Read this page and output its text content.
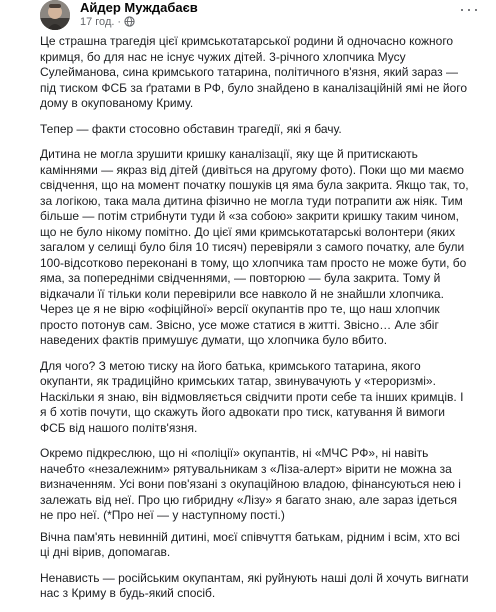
Айдер Муждабаєв
17 год. ·
···

Це страшна трагедія цієї кримськотатарської родини й одночасно кожного кримця, бо для нас не існує чужих дітей. 3-річного хлопчика Мусу Сулейманова, сина кримського татарина, політичного в'язня, який зараз — під тиском ФСБ за ґратами в РФ, було знайдено в каналізаційній ямі не його дому в окупованому Криму.

Тепер — факти стосовно обставин трагедії, які я бачу.

Дитина не могла зрушити кришку каналізації, яку ще й притискають каміннями — якраз від дітей (дивіться на другому фото). Поки що ми маємо свідчення, що на момент початку пошуків ця яма була закрита. Якщо так, то, за логікою, така мала дитина фізично не могла туди потрапити аж ніяк. Тим більше — потім стрибнути туди й «за собою» закрити кришку таким чином, що не було нікому помітно. До цієї ями кримськотатарські волонтери (яких загалом у селищі було біля 10 тисяч) перевіряли з самого початку, але були 100-відсотково переконані в тому, що хлопчика там просто не може бути, бо яма, за попередніми свідченнями, — повторюю — була закрита. Тому й відкачали її тільки коли перевірили все навколо й не знайшли хлопчика. Через це я не вірю «офіційної» версії окупантів про те, що наш хлопчик просто потонув сам. Звісно, усе може статися в житті. Звісно… Але збіг наведених фактів примушує думати, що хлопчика було вбито.

Для чого? З метою тиску на його батька, кримського татарина, якого окупанти, як традиційно кримських татар, звинувачують у «тероризмі». Наскільки я знаю, він відмовляється свідчити проти себе та інших кримців. І я б хотів почути, що скажуть його адвокати про тиск, катування й вимоги ФСБ від нашого політв'язня.

Окремо підкреслюю, що ні «поліції» окупантів, ні «МЧС РФ», ні навіть начебто «незалежним» рятувальникам з «Ліза-алерт» вірити не можна за визначенням. Усі вони пов'язані з окупаційною владою, фінансуються нею і залежать від неї. Про цю гибридну «Лізу» я багато знаю, але зараз ідеться не про неї. (*Про неї — у наступному пості.)

Вічна пам'ять невинній дитині, моєї співчуття батькам, рідним і всім, хто всі ці дні вірив, допомагав.

Ненависть — російським окупантам, які руйнують наші долі й хочуть вигнати нас з Криму в будь-який спосіб.
